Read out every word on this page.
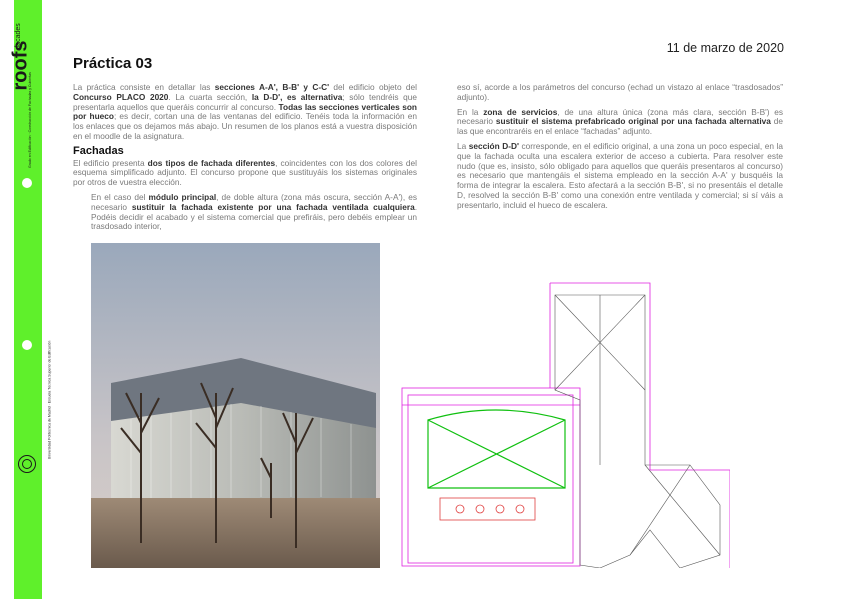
facades
roofs
Grado en Edificación · Construcción de Fachadas y Cubiertas
Universidad Politécnica de Madrid · Escuela Técnica Superior de Edificación
11 de marzo de 2020
Práctica 03

La práctica consiste en detallar las secciones A-A', B-B' y C-C' del edificio objeto del Concurso PLACO 2020. La cuarta sección, la D-D', es alternativa; sólo tendréis que presentarla aquellos que queráis concurrir al concurso. Todas las secciones verticales son por hueco; es decir, cortan una de las ventanas del edificio. Tenéis toda la información en los enlaces que os dejamos más abajo. Un resumen de los planos está a vuestra disposición en el moodle de la asignatura.

Fachadas

El edificio presenta dos tipos de fachada diferentes, coincidentes con los dos colores del esquema simplificado adjunto. El concurso propone que sustituyáis los sistemas originales por otros de vuestra elección.

En el caso del módulo principal, de doble altura (zona más oscura, sección A-A'), es necesario sustituir la fachada existente por una fachada ventilada cualquiera. Podéis decidir el acabado y el sistema comercial que prefiráis, pero debéis emplear un trasdosado interior,

eso sí, acorde a los parámetros del concurso (echad un vistazo al enlace “trasdosados” adjunto).

En la zona de servicios, de una altura única (zona más clara, sección B-B') es necesario sustituir el sistema prefabricado original por una fachada alternativa de las que encontraréis en el enlace “fachadas” adjunto.

La sección D-D' corresponde, en el edificio original, a una zona un poco especial, en la que la fachada oculta una escalera exterior de acceso a cubierta. Para resolver este nudo (que es, insisto, sólo obligado para aquellos que queráis presentaros al concurso) es necesario que mantengáis el sistema empleado en la sección A-A' y busquéis la forma de integrar la escalera. Esto afectará a la sección B-B', si no presentáis el detalle D, resolved la sección B-B' como una conexión entre ventilada y comercial; si sí váis a presentarlo, incluid el hueco de escalera.
